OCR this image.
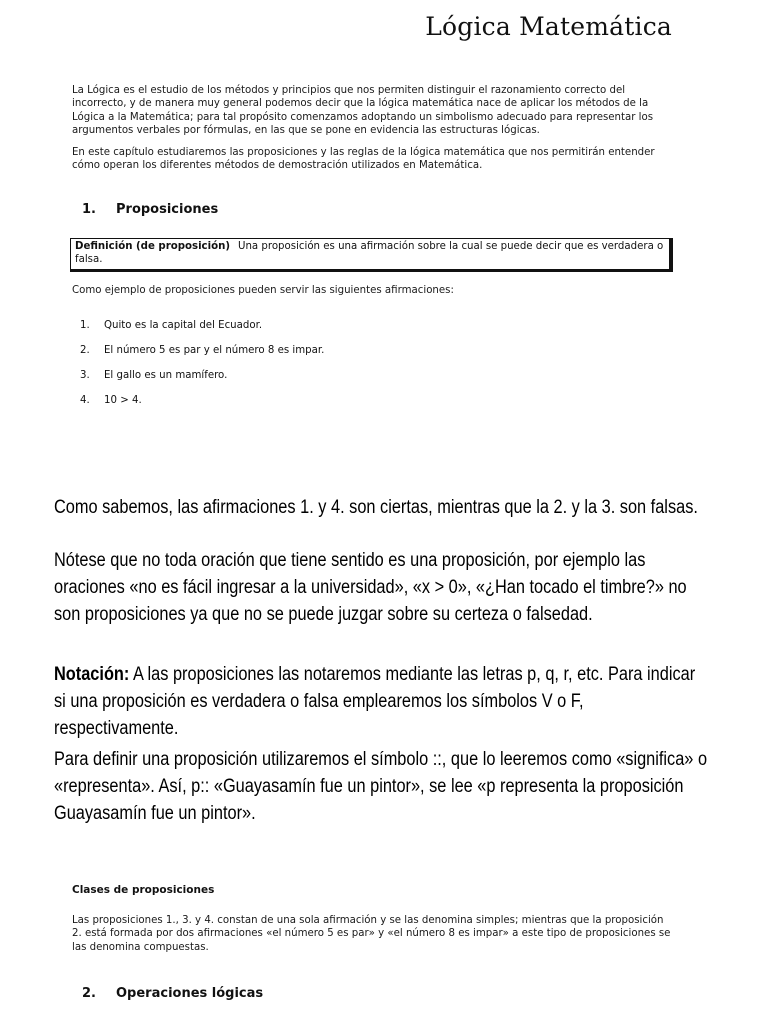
Lógica Matemática
La Lógica es el estudio de los métodos y principios que nos permiten distinguir el razonamiento correcto del incorrecto, y de manera muy general podemos decir que la lógica matemática nace de aplicar los métodos de la Lógica a la Matemática; para tal propósito comenzamos adoptando un simbolismo adecuado para representar los argumentos verbales por fórmulas, en las que se pone en evidencia las estructuras lógicas.
En este capítulo estudiaremos las proposiciones y las reglas de la lógica matemática que nos permitirán entender cómo operan los diferentes métodos de demostración utilizados en Matemática.
1. Proposiciones
Definición (de proposición) Una proposición es una afirmación sobre la cual se puede decir que es verdadera o falsa.
Como ejemplo de proposiciones pueden servir las siguientes afirmaciones:
1. Quito es la capital del Ecuador.
2. El número 5 es par y el número 8 es impar.
3. El gallo es un mamífero.
4. 10 > 4.
Como sabemos, las afirmaciones 1. y 4. son ciertas, mientras que la 2. y la 3. son falsas.
Nótese que no toda oración que tiene sentido es una proposición, por ejemplo las oraciones «no es fácil ingresar a la universidad», «x > 0», «¿Han tocado el timbre?» no son proposiciones ya que no se puede juzgar sobre su certeza o falsedad.
Notación: A las proposiciones las notaremos mediante las letras p, q, r, etc. Para indicar si una proposición es verdadera o falsa emplearemos los símbolos V o F, respectivamente.
Para definir una proposición utilizaremos el símbolo ::, que lo leeremos como «significa» o «representa». Así, p:: «Guayasamín fue un pintor», se lee «p representa la proposición Guayasamín fue un pintor».
Clases de proposiciones
Las proposiciones 1., 3. y 4. constan de una sola afirmación y se las denomina simples; mientras que la proposición 2. está formada por dos afirmaciones «el número 5 es par» y «el número 8 es impar» a este tipo de proposiciones se las denomina compuestas.
2. Operaciones lógicas
